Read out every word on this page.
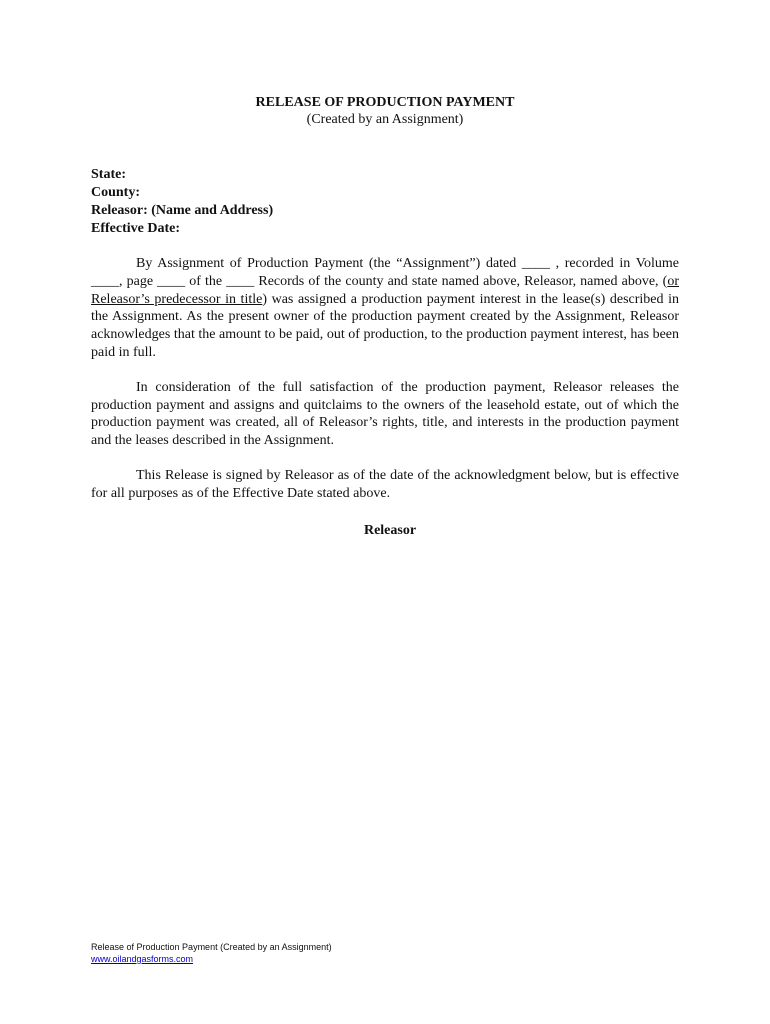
RELEASE OF PRODUCTION PAYMENT
(Created by an Assignment)
State:
County:
Releasor: (Name and Address)
Effective Date:

By Assignment of Production Payment (the “Assignment”) dated ____ , recorded in Volume ____, page ____ of the ____ Records of the county and state named above, Releasor, named above, (or Releasor’s predecessor in title) was assigned a production payment interest in the lease(s) described in the Assignment. As the present owner of the production payment created by the Assignment, Releasor acknowledges that the amount to be paid, out of production, to the production payment interest, has been paid in full.

In consideration of the full satisfaction of the production payment, Releasor releases the production payment and assigns and quitclaims to the owners of the leasehold estate, out of which the production payment was created, all of Releasor’s rights, title, and interests in the production payment and the leases described in the Assignment.

This Release is signed by Releasor as of the date of the acknowledgment below, but is effective for all purposes as of the Effective Date stated above.

Releasor
Release of Production Payment (Created by an Assignment)
www.oilandgasforms.com
